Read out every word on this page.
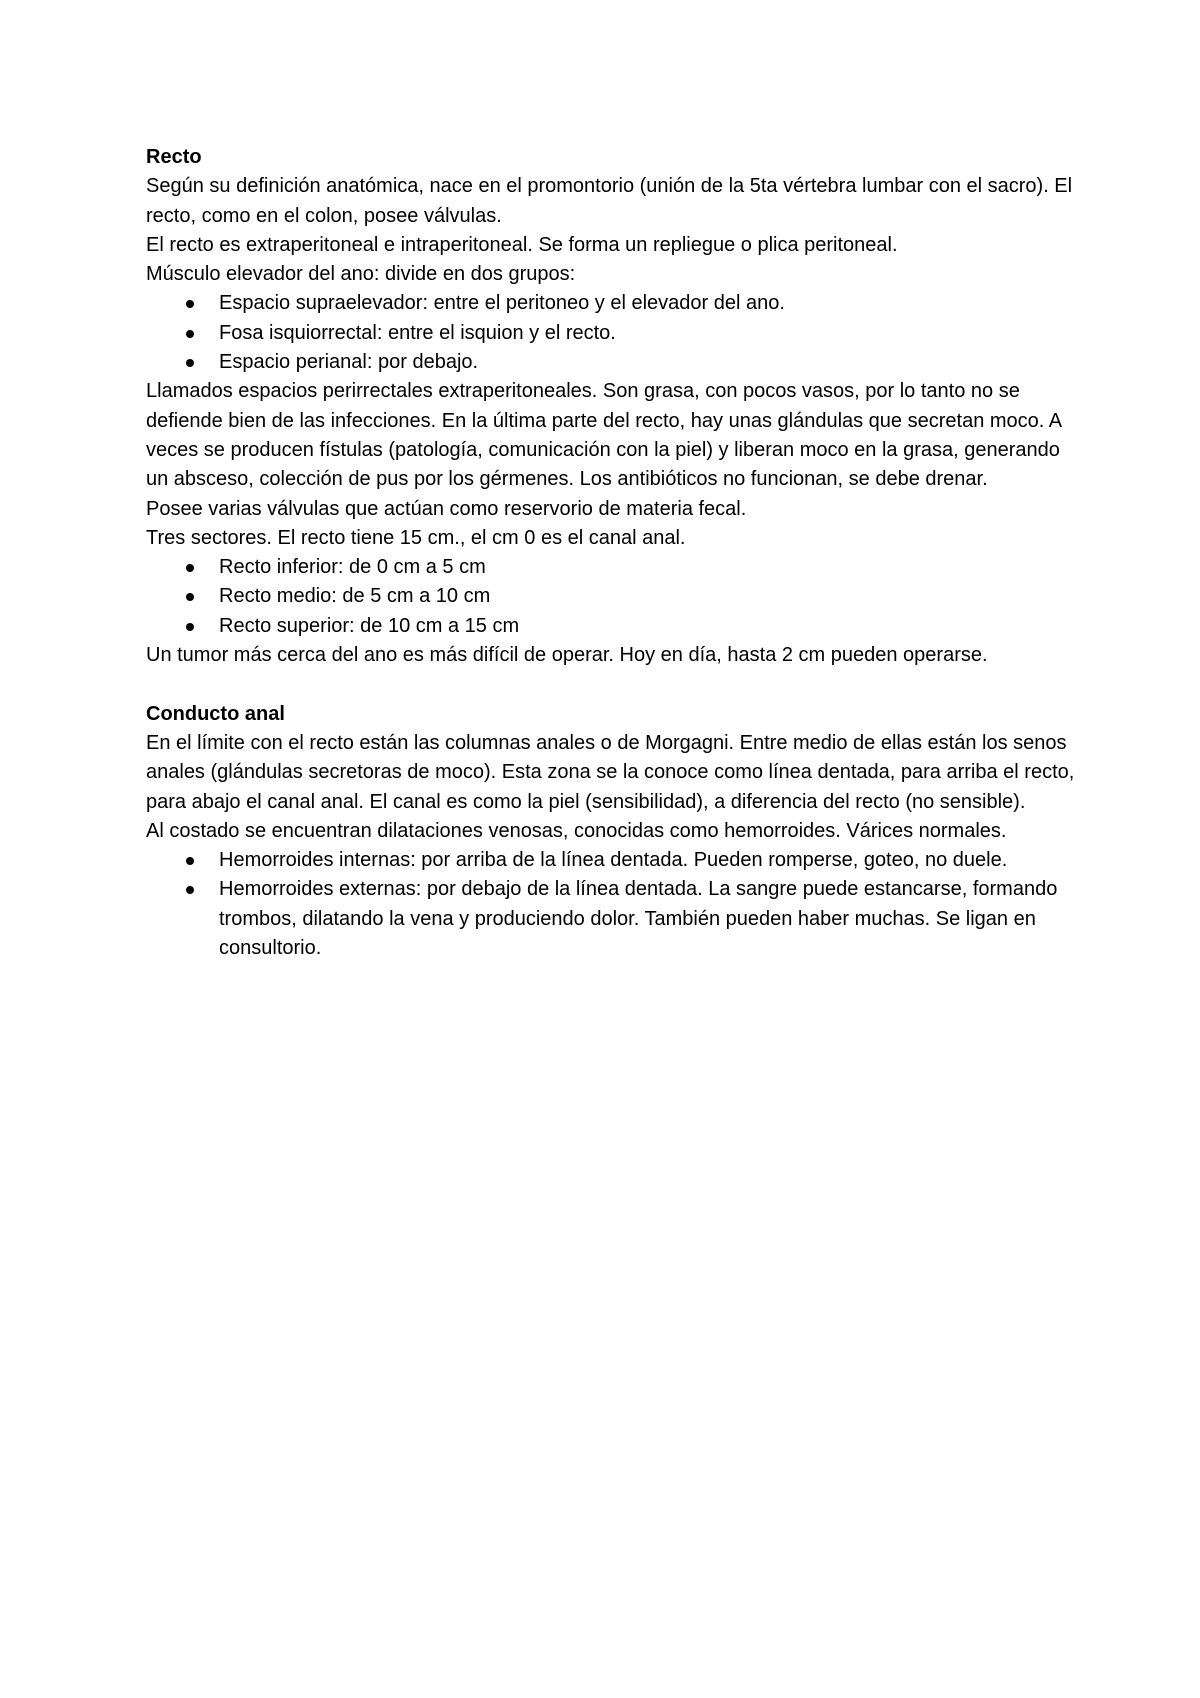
Recto

Según su definición anatómica, nace en el promontorio (unión de la 5ta vértebra lumbar con el sacro). El recto, como en el colon, posee válvulas.

El recto es extraperitoneal e intraperitoneal. Se forma un repliegue o plica peritoneal.

Músculo elevador del ano: divide en dos grupos:

Espacio supraelevador: entre el peritoneo y el elevador del ano.
Fosa isquiorrectal: entre el isquion y el recto.
Espacio perianal: por debajo.

Llamados espacios perirrectales extraperitoneales. Son grasa, con pocos vasos, por lo tanto no se defiende bien de las infecciones. En la última parte del recto, hay unas glándulas que secretan moco. A veces se producen fístulas (patología, comunicación con la piel) y liberan moco en la grasa, generando un absceso, colección de pus por los gérmenes. Los antibióticos no funcionan, se debe drenar.

Posee varias válvulas que actúan como reservorio de materia fecal.

Tres sectores. El recto tiene 15 cm., el cm 0 es el canal anal.

Recto inferior: de 0 cm a 5 cm
Recto medio: de 5 cm a 10 cm
Recto superior: de 10 cm a 15 cm

Un tumor más cerca del ano es más difícil de operar. Hoy en día, hasta 2 cm pueden operarse.

Conducto anal

En el límite con el recto están las columnas anales o de Morgagni. Entre medio de ellas están los senos anales (glándulas secretoras de moco). Esta zona se la conoce como línea dentada, para arriba el recto, para abajo el canal anal. El canal es como la piel (sensibilidad), a diferencia del recto (no sensible).

Al costado se encuentran dilataciones venosas, conocidas como hemorroides. Várices normales.

Hemorroides internas: por arriba de la línea dentada. Pueden romperse, goteo, no duele.
Hemorroides externas: por debajo de la línea dentada. La sangre puede estancarse, formando trombos, dilatando la vena y produciendo dolor. También pueden haber muchas. Se ligan en consultorio.
